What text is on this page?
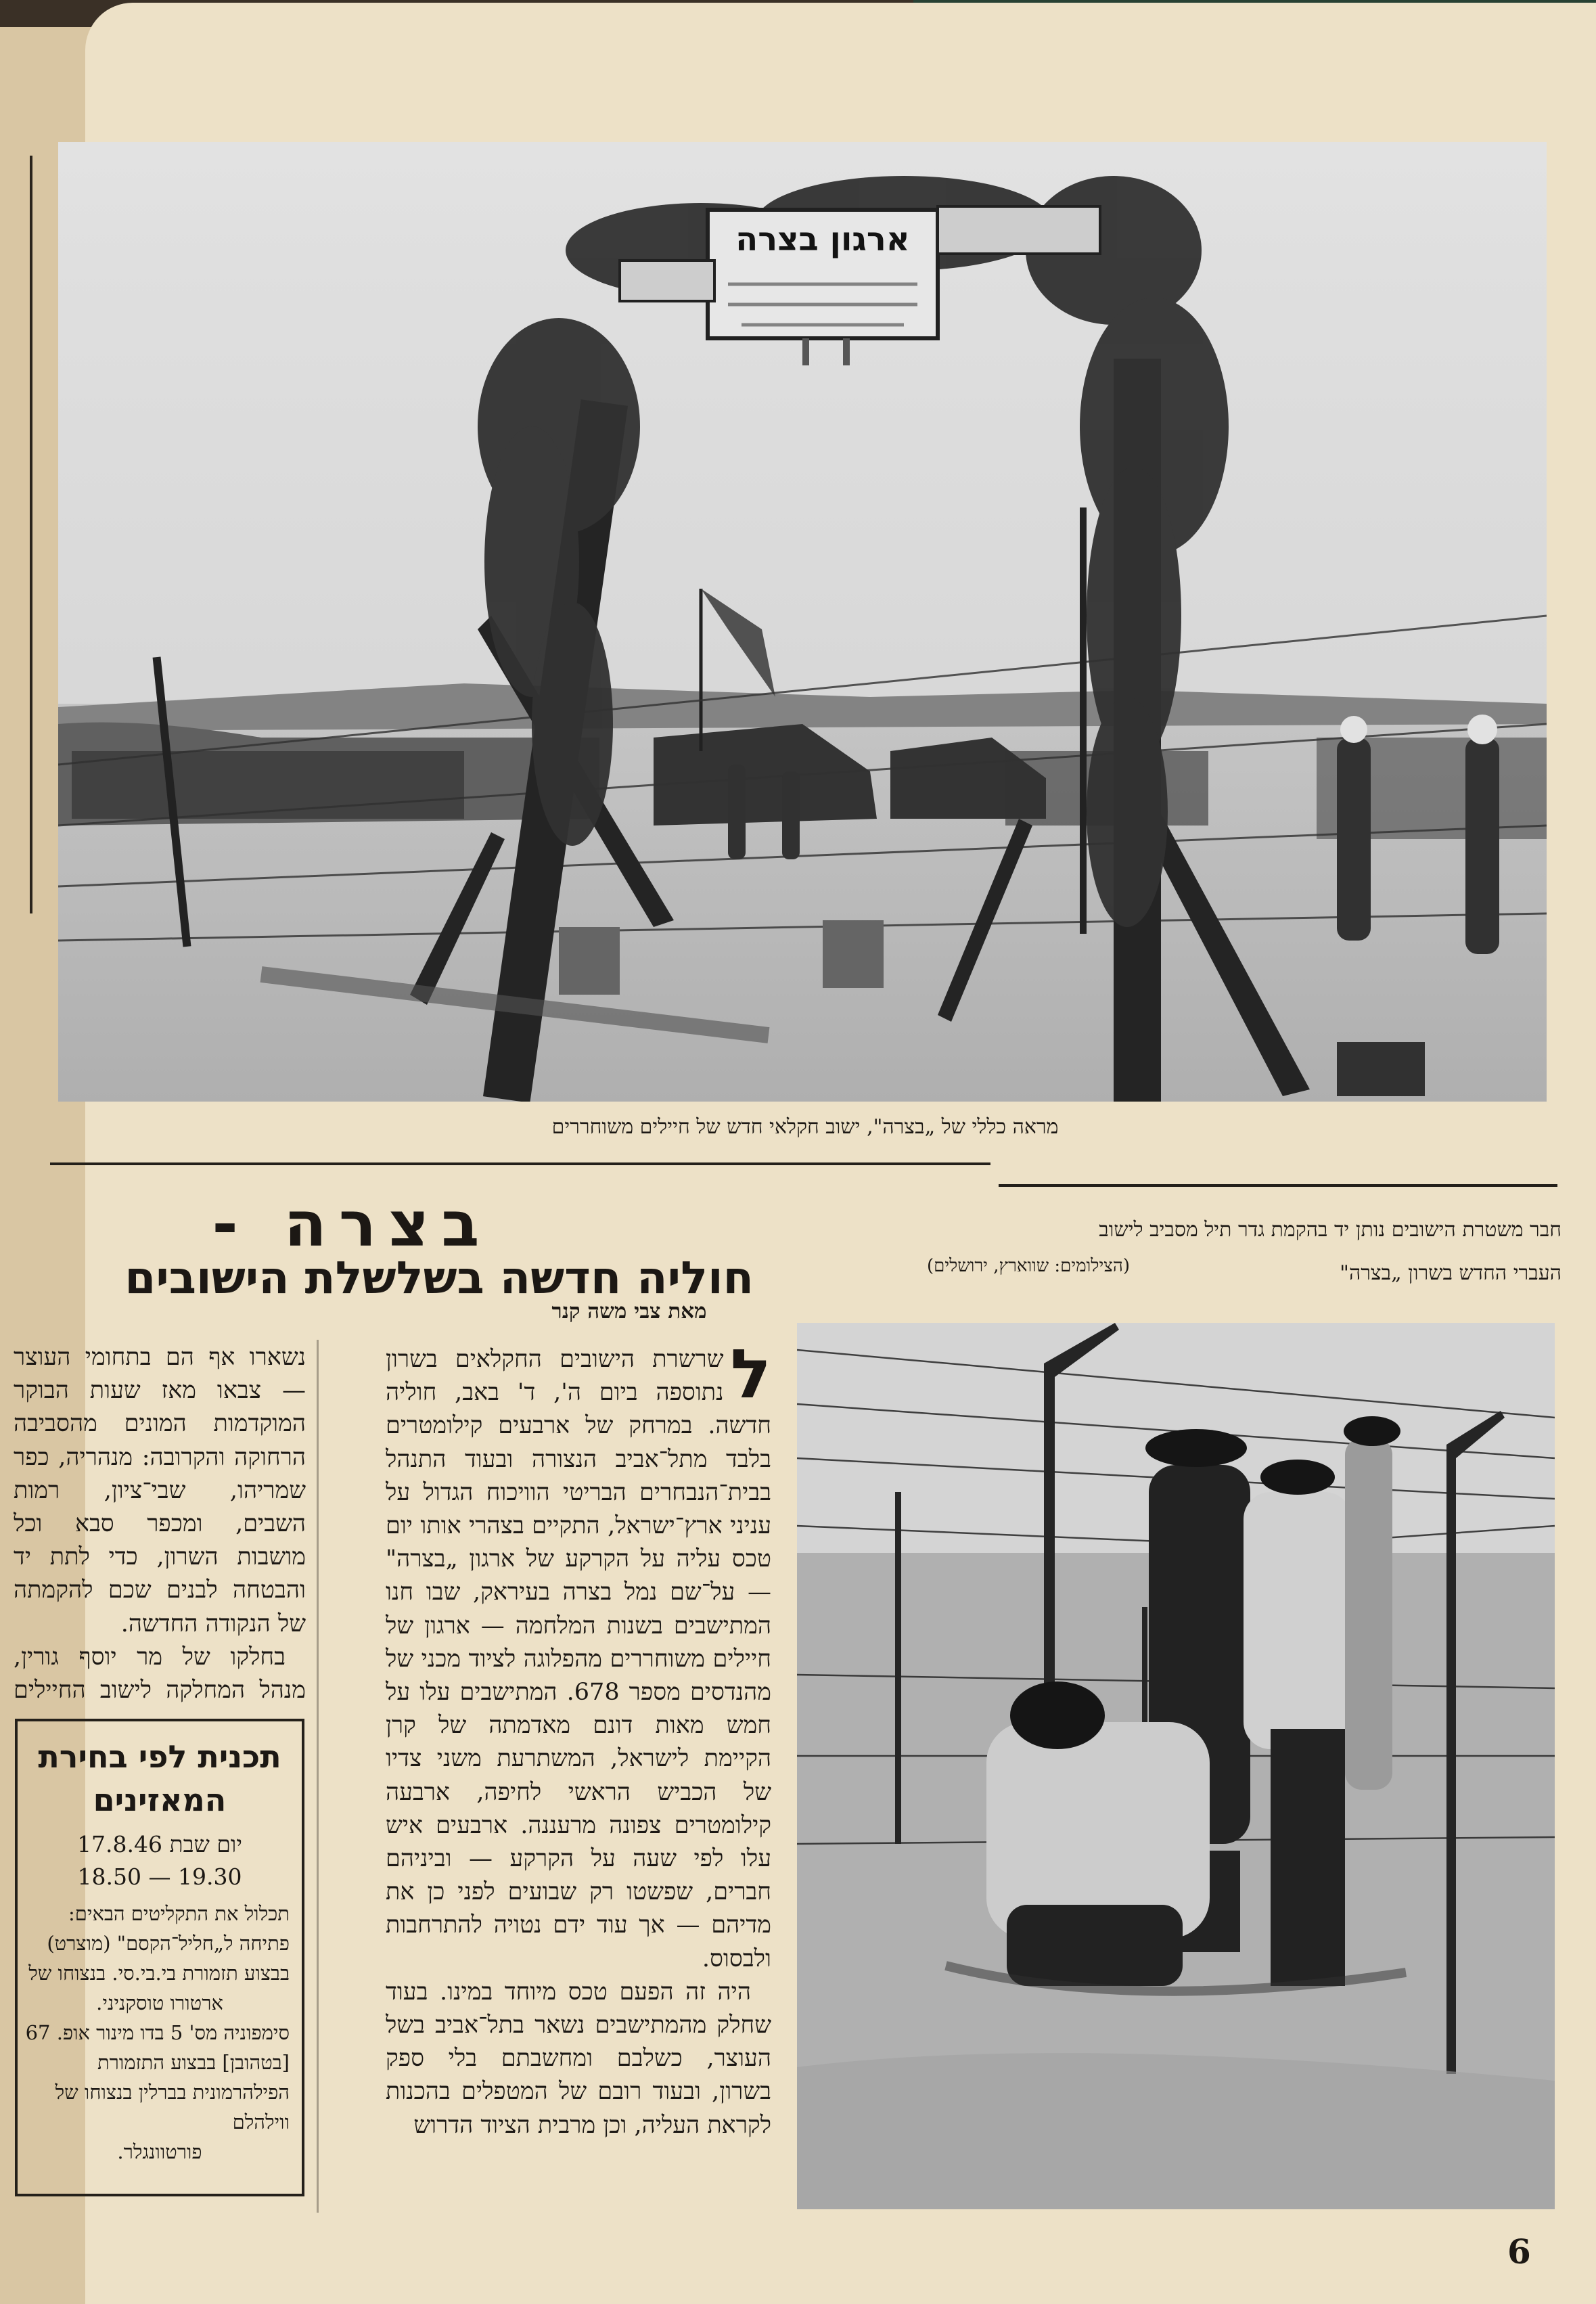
ארגון בצרה
מראה כללי של „בצרה", ישוב חקלאי חדש של חיילים משוחררים
חבר משטרת הישובים נותן יד בהקמת גדר תיל מסביב לישוב
העברי החדש בשרון „בצרה"
(הצילומים: שווארץ, ירושלים)
בצרה -
חוליה חדשה בשלשלת הישובים
מאת צבי משה קנר
ל

שרשרת הישובים החקלאים בשרון נתוספה ביום ה', ד' באב, חוליה חדשה. במרחק של ארבעים קילומטרים בלבד מתל־אביב הנצורה ובעוד התנהל בבית־הנבחרים הבריטי הוויכוח הגדול על עניני ארץ־ישראל, התקיים בצהרי אותו יום טכס עליה על הקרקע של ארגון „בצרה" — על־שם נמל בצרה בעיראק, שבו חנו המתישבים בשנות המלחמה — ארגון של חיילים משוחררים מהפלוגה לציוד מכני של מהנדסים מספר 678. המתישבים עלו על חמש מאות דונם מאדמתה של קרן הקיימת לישראל, המשתרעת משני צדיו של הכביש הראשי לחיפה, ארבעה קילומטרים צפונה מרעננה. ארבעים איש עלו לפי שעה על הקרקע — וביניהם חברים, שפשטו רק שבועים לפני כן את מדיהם — אך עוד ידם נטויה להתרחבות ולבסוס.

היה זה הפעם טכס מיוחד במינו. בעוד שחלק מהמתישבים נשאר בתל־אביב בשל העוצר, כשלבם ומחשבתם בלי ספק בשרון, ובעוד רובם של המטפלים בהכנות לקראת העליה, וכן מרבית הציוד הדרוש

נשארו אף הם בתחומי העוצר — צבאו מאז שעות הבוקר המוקדמות המונים מהסביבה הרחוקה והקרובה: מנהריה, כפר שמריהו, שבי־ציון, רמות השבים, ומכפר סבא וכל מושבות השרון, כדי לתת יד והבטחה לבנים שכם להקמתה של הנקודה החדשה.

בחלקו של מר יוסף גורין, מנהל המחלקה לישוב החיילים

תכנית לפי בחירת
המאזינים
יום שבת 17.8.46
18.50 — 19.30
תכלול את התקליטים הבאים:
פתיחה ל„חליל־הקסם" (מוצרט)
בבצוע תזמורת בי.בי.סי. בנצוחו של
ארטורו טוסקניני.
סימפוניה מס' 5 בדו מינור אופ. 67
[בטהובן] בבצוע התזמורת הפילהרמונית בברלין בנצוחו של ווילהלם
פורטוונגלר.
6
